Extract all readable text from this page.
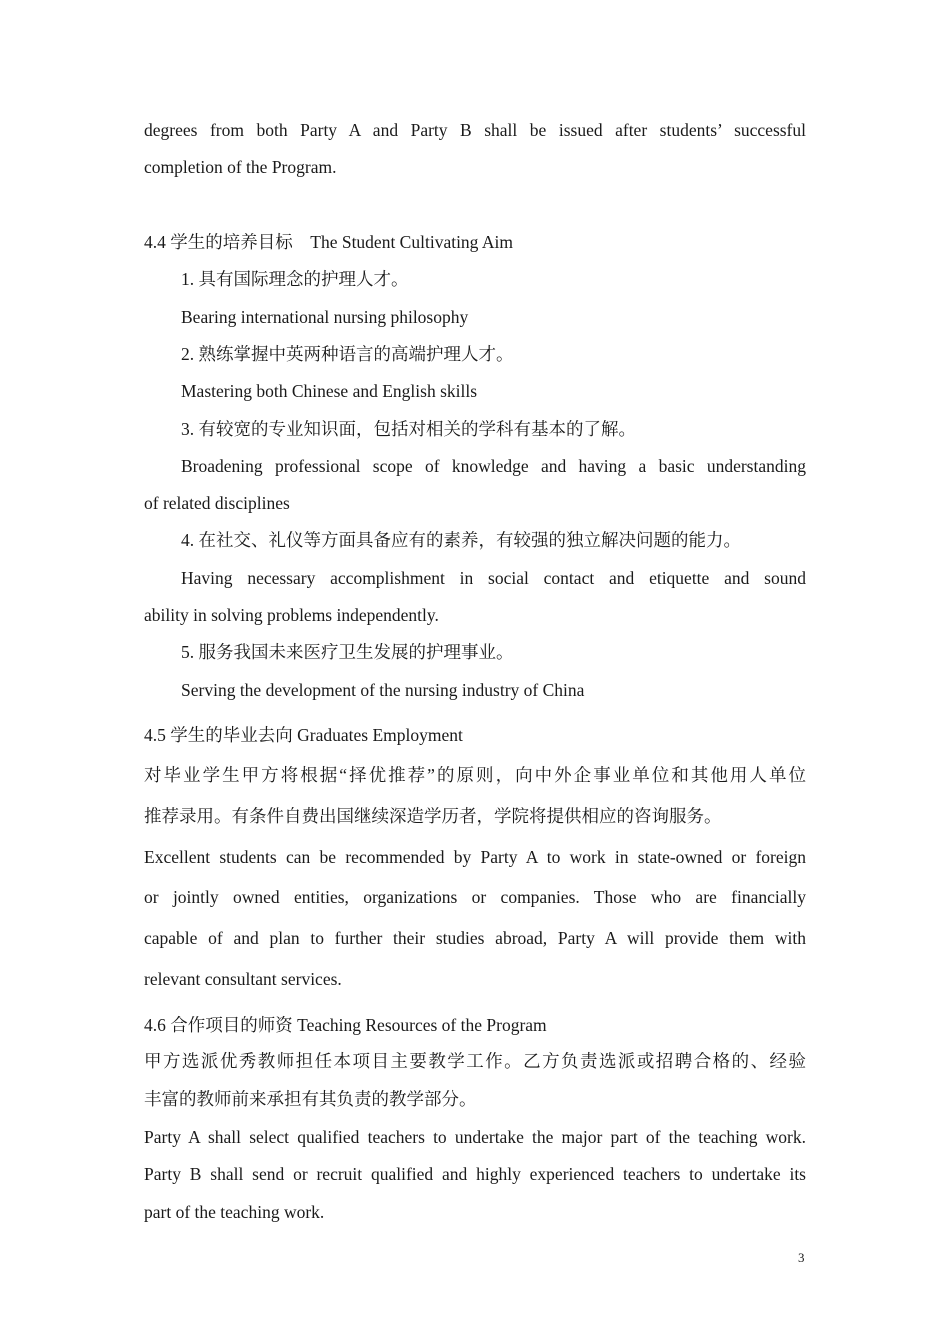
degrees from both Party A and Party B shall be issued after students’ successful
completion of the Program.
4.4 学生的培养目标　The Student Cultivating Aim
1. 具有国际理念的护理人才。
Bearing international nursing philosophy
2. 熟练掌握中英两种语言的高端护理人才。
Mastering both Chinese and English skills
3. 有较宽的专业知识面，包括对相关的学科有基本的了解。
Broadening professional scope of knowledge and having a basic understanding
of related disciplines
4. 在社交、礼仪等方面具备应有的素养，有较强的独立解决问题的能力。
Having necessary accomplishment in social contact and etiquette and sound
ability in solving problems independently.
5. 服务我国未来医疗卫生发展的护理事业。
Serving the development of the nursing industry of China
4.5 学生的毕业去向 Graduates Employment
对毕业学生甲方将根据“择优推荐”的原则，向中外企事业单位和其他用人单位
推荐录用。有条件自费出国继续深造学历者，学院将提供相应的咨询服务。
Excellent students can be recommended by Party A to work in state-owned or foreign
or jointly owned entities, organizations or companies. Those who are financially
capable of and plan to further their studies abroad, Party A will provide them with
relevant consultant services.
4.6 合作项目的师资 Teaching Resources of the Program
甲方选派优秀教师担任本项目主要教学工作。乙方负责选派或招聘合格的、经验
丰富的教师前来承担有其负责的教学部分。
Party A shall select qualified teachers to undertake the major part of the teaching work.
Party B shall send or recruit qualified and highly experienced teachers to undertake its
part of the teaching work.
3
